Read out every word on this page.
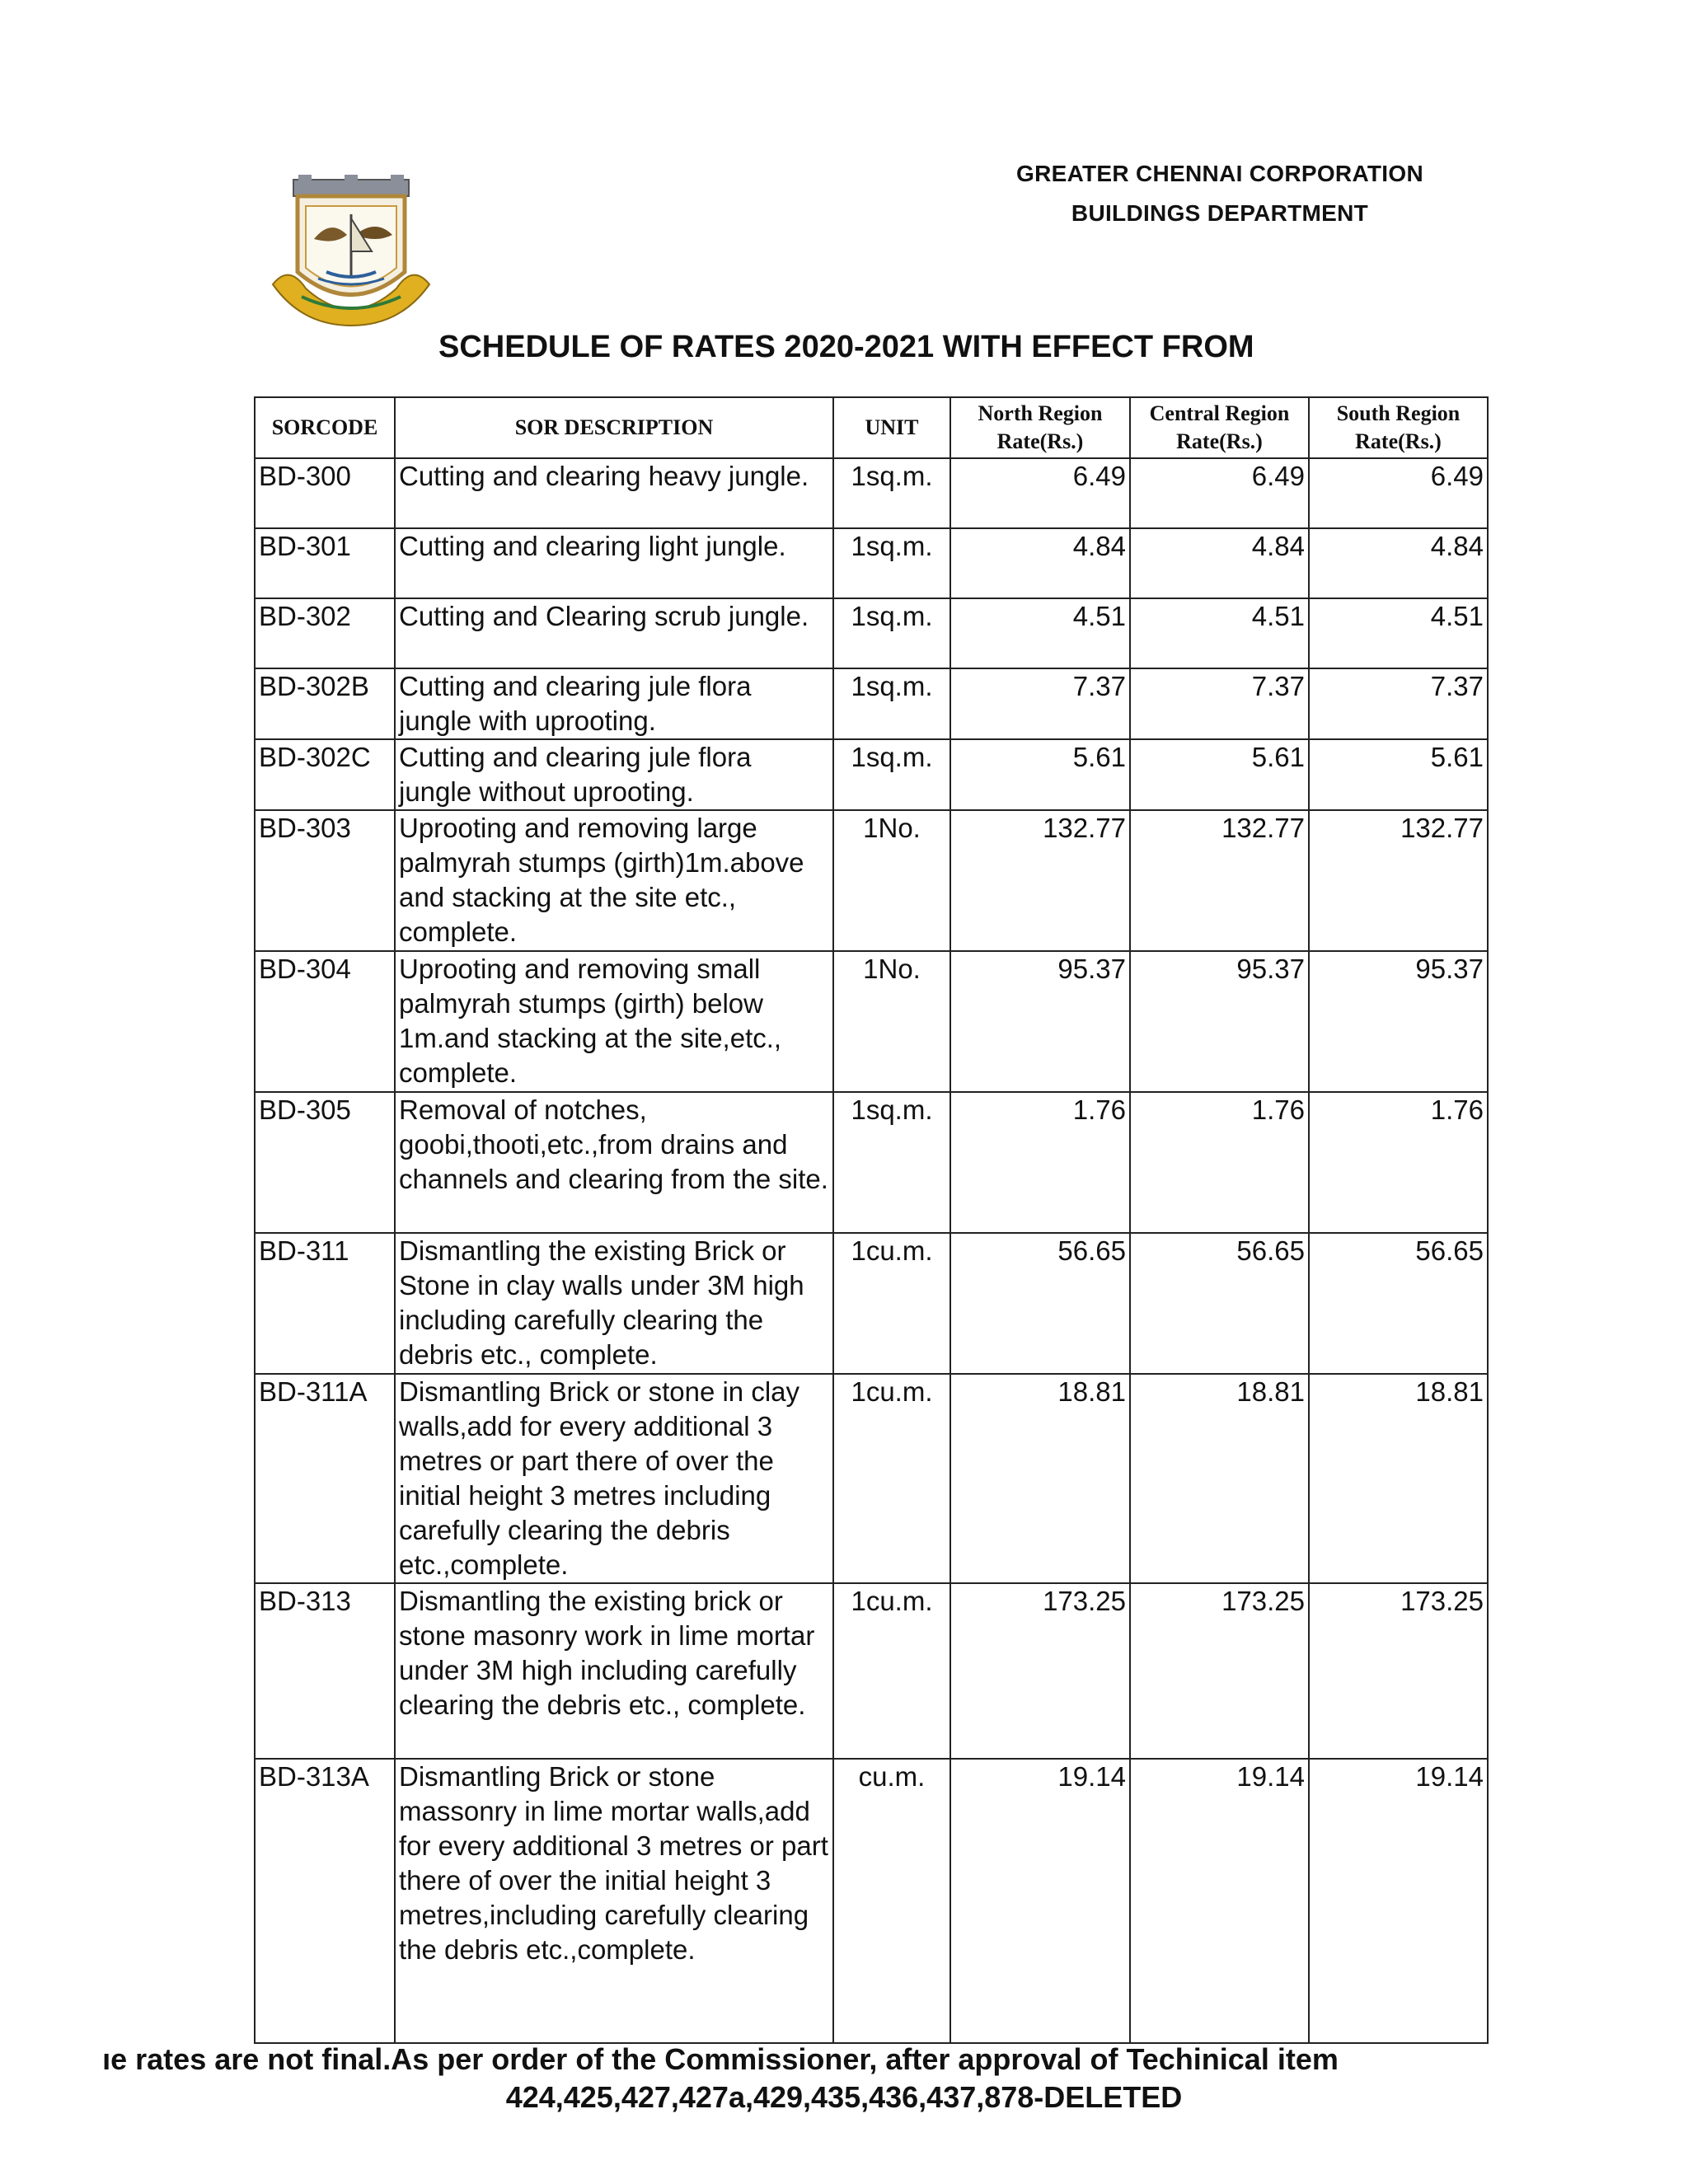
GREATER CHENNAI CORPORATION
BUILDINGS DEPARTMENT
SCHEDULE OF RATES 2020-2021 WITH EFFECT FROM
SORCODE	SOR DESCRIPTION	UNIT	North Region Rate(Rs.)	Central Region Rate(Rs.)	South Region Rate(Rs.)
BD-300	Cutting and clearing heavy jungle.	1sq.m.	6.49	6.49	6.49
BD-301	Cutting and clearing light jungle.	1sq.m.	4.84	4.84	4.84
BD-302	Cutting and Clearing scrub jungle.	1sq.m.	4.51	4.51	4.51
BD-302B	Cutting and clearing jule flora jungle with uprooting.	1sq.m.	7.37	7.37	7.37
BD-302C	Cutting and clearing jule flora jungle without uprooting.	1sq.m.	5.61	5.61	5.61
BD-303	Uprooting and removing large palmyrah stumps (girth)1m.above and stacking at the site etc., complete.	1No.	132.77	132.77	132.77
BD-304	Uprooting and removing small palmyrah stumps (girth) below 1m.and stacking at the site,etc., complete.	1No.	95.37	95.37	95.37
BD-305	Removal of notches, goobi,thooti,etc.,from drains and channels and clearing from the site.	1sq.m.	1.76	1.76	1.76
BD-311	Dismantling the existing Brick or Stone in clay walls under 3M high including carefully clearing the debris etc., complete.	1cu.m.	56.65	56.65	56.65
BD-311A	Dismantling Brick or stone in clay walls,add for every additional 3 metres or part there of over the initial height 3 metres including carefully clearing the debris etc.,complete.	1cu.m.	18.81	18.81	18.81
BD-313	Dismantling the existing brick or stone masonry work in lime mortar under 3M high including carefully clearing the debris etc., complete.	1cu.m.	173.25	173.25	173.25
BD-313A	Dismantling Brick or stone massonry in lime mortar walls,add for every additional 3 metres or part there of over the initial height 3 metres,including carefully clearing the debris etc.,complete.	cu.m.	19.14	19.14	19.14
ıe rates are not final.As per order of the Commissioner, after approval of Techinical item
424,425,427,427a,429,435,436,437,878-DELETED
